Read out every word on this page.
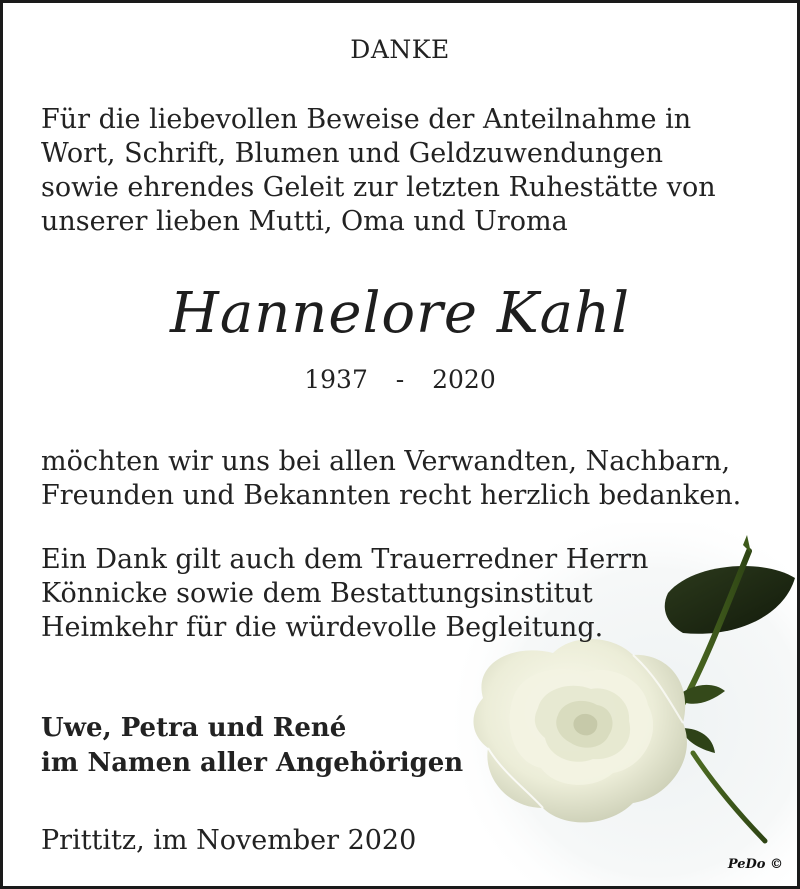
DANKE
Für die liebevollen Beweise der Anteilnahme in
Wort, Schrift, Blumen und Geldzuwendungen
sowie ehrendes Geleit zur letzten Ruhestätte von
unserer lieben Mutti, Oma und Uroma
Hannelore Kahl
1937  -  2020
möchten wir uns bei allen Verwandten, Nachbarn,
Freunden und Bekannten recht herzlich bedanken.
Ein Dank gilt auch dem Trauerredner Herrn
Könnicke sowie dem Bestattungsinstitut
Heimkehr für die würdevolle Begleitung.
Uwe, Petra und René
im Namen aller Angehörigen
Prittitz, im November 2020
PeDo ©
